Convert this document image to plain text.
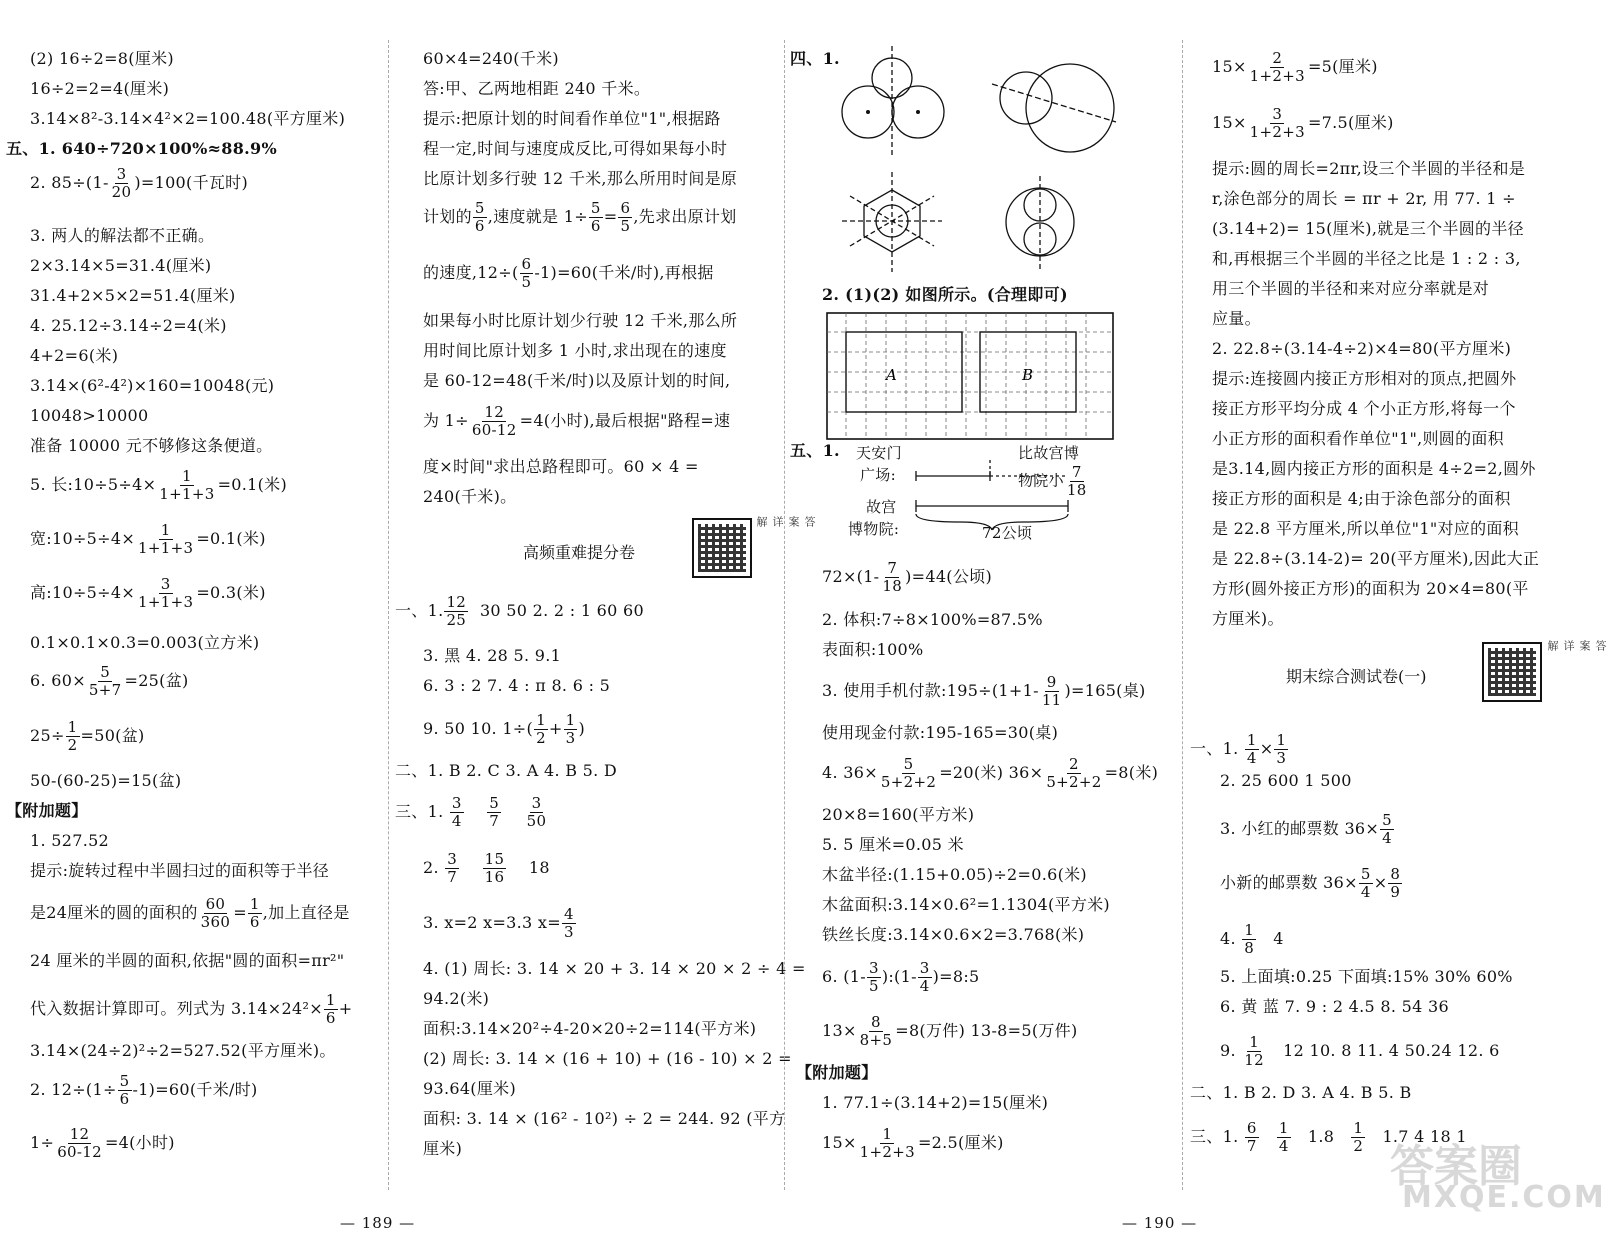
(2) 16÷2=8(厘米)
16÷2=2=4(厘米)
3.14×8²-3.14×4²×2=100.48(平方厘米)
五、1. 640÷720×100%≈88.9%
2. $85\div(1- \frac{3}{20} )=100$(千瓦时)
3. 两人的解法都不正确。
2×3.14×5=31.4(厘米)
31.4+2×5×2=51.4(厘米)
4. 25.12÷3.14÷2=4(米)
4+2=6(米)
3.14×(6²-4²)×160=10048(元)
10048>10000
准备 10000 元不够修这条便道。
5. 长:10÷5÷4× $\frac{1}{1+1+3} =0.1$(米)
宽:10÷5÷4× $\frac{1}{1+1+3} =0.1$(米)
高:10÷5÷4× $\frac{3}{1+1+3} =0.3$(米)
0.1×0.1×0.3=0.003(立方米)
6. $60\times \frac{5}{5+7} =25$(盆)
$25\div \frac{1}{2} =50$(盆)
50-(60-25)=15(盆)
【附加题】
1. 527.52
提示:旋转过程中半圆扫过的面积等于半径
是24厘米的圆的面积的 $\frac{60}{360} = \frac{1}{6}$ ,加上直径是
24 厘米的半圆的面积,依据"圆的面积=πr²"
代入数据计算即可。列式为 $3.14\times 24^2\times \frac{1}{6}$ +
3.14×(24÷2)²÷2=527.52(平方厘米)。
2. $12\div(1\div \frac{5}{6} -1)=60$(千米/时)
$1\div \frac{12}{60-12} =4$(小时)
60×4=240(千米)
答:甲、乙两地相距 240 千米。
提示:把原计划的时间看作单位"1",根据路
程一定,时间与速度成反比,可得如果每小时
比原计划多行驶 12 千米,那么所用时间是原
计划的 $\frac{5}{6}$ ,速度就是 $1\div \frac{5}{6} = \frac{6}{5}$ ,先求出原计划
的速度$,12\div( \frac{6}{5} -1)=60$(千米/时),再根据
如果每小时比原计划少行驶 12 千米,那么所
用时间比原计划多 1 小时,求出现在的速度
是 60-12=48(千米/时)以及原计划的时间,
为 $1\div \frac{12}{60-12} =4$(小时),最后根据"路程=速
度×时间"求出总路程即可。60 × 4 =
240(千米)。
高频重难提分卷
答案详解
一、1. $\frac{12}{25} 30$ 50 2. 2 : 1 60 60
3. 黑 4. 28 5. 9.1
6. 3 : 2 7. 4 : π 8. 6 : 5
9. 50 10. $1\div( \frac{1}{2} + \frac{1}{3}$ )
二、1. B 2. C 3. A 4. B 5. D
三、1. $\frac{3}{4}$
$\frac{5}{7}$
$\frac{3}{50}$
2. $\frac{3}{7}$
$\frac{15}{16} 18$
3. x=2 x=3.3 $x= \frac{4}{3}$
4. (1) 周长: 3. 14 × 20 + 3. 14 × 20 × 2 ÷ 4 =
94.2(米)
面积:3.14×20²÷4-20×20÷2=114(平方米)
(2) 周长: 3. 14 × (16 + 10) + (16 - 10) × 2 =
93.64(厘米)
面积: 3. 14 × (16² - 10²) ÷ 2 = 244. 92 (平方
厘米)
— 189 —
四、1.
2. (1)(2) 如图所示。(合理即可)
A	B
五、1. 天安门
广场:
故宫
博物院:
比故宫博
物院小 $\frac{7}{18}$
72公顷
$72\times(1- \frac{7}{18} )=44$(公顷)
2. 体积:7÷8×100%=87.5%
表面积:100%
3. 使用手机付款:195÷(1+1- $\frac{9}{11} )=165$(桌)
使用现金付款:195-165=30(桌)
4. $36\times \frac{5}{5+2+2} =20$(米) $36\times \frac{2}{5+2+2} =8$(米)
20×8=160(平方米)
5. 5 厘米=0.05 米
木盆半径:(1.15+0.05)÷2=0.6(米)
木盆面积:3.14×0.6²=1.1304(平方米)
铁丝长度:3.14×0.6×2=3.768(米)
6. ($1- \frac{3}{5}$ ):(1- $\frac{3}{4}$ )=8:5
$13\times \frac{8}{8+5} =8$(万件) 13-8=5(万件)
【附加题】
1. 77.1÷(3.14+2)=15(厘米)
$15\times \frac{1}{1+2+3} =2.5$(厘米)
$15\times \frac{2}{1+2+3} =5$(厘米)
$15\times \frac{3}{1+2+3} =7.5$(厘米)
提示:圆的周长=2πr,设三个半圆的半径和是
r,涂色部分的周长 = πr + 2r, 用 77. 1 ÷
(3.14+2)= 15(厘米),就是三个半圆的半径
和,再根据三个半圆的半径之比是 1 : 2 : 3,
用三个半圆的半径和来对应分率就是对
应量。
2. 22.8÷(3.14-4÷2)×4=80(平方厘米)
提示:连接圆内接正方形相对的顶点,把圆外
接正方形平均分成 4 个小正方形,将每一个
小正方形的面积看作单位"1",则圆的面积
是3.14,圆内接正方形的面积是 4÷2=2,圆外
接正方形的面积是 4;由于涂色部分的面积
是 22.8 平方厘米,所以单位"1"对应的面积
是 22.8÷(3.14-2)= 20(平方厘米),因此大正
方形(圆外接正方形)的面积为 20×4=80(平
方厘米)。
期末综合测试卷(一)
答案详解
一、1. $\frac{1}{4} \times \frac{1}{3}$
2. 25 600 1 500
3. 小红的邮票数 $36\times \frac{5}{4}$
小新的邮票数 $36\times \frac{5}{4} \times \frac{8}{9}$
4. $\frac{1}{8} 4$
5. 上面填:0.25 下面填:15% 30% 60%
6. 黄 蓝 7. 9 : 2 4.5 8. 54 36
9. $\frac{1}{12} 12$ 10. 8 11. 4 50.24 12. 6
二、1. B 2. D 3. A 4. B 5. B
三、1. $\frac{6}{7}$
$\frac{1}{4} 1.8 \frac{1}{2} 1.7$ 4 18 1
— 190 —
答案圈
MXQE.COM
